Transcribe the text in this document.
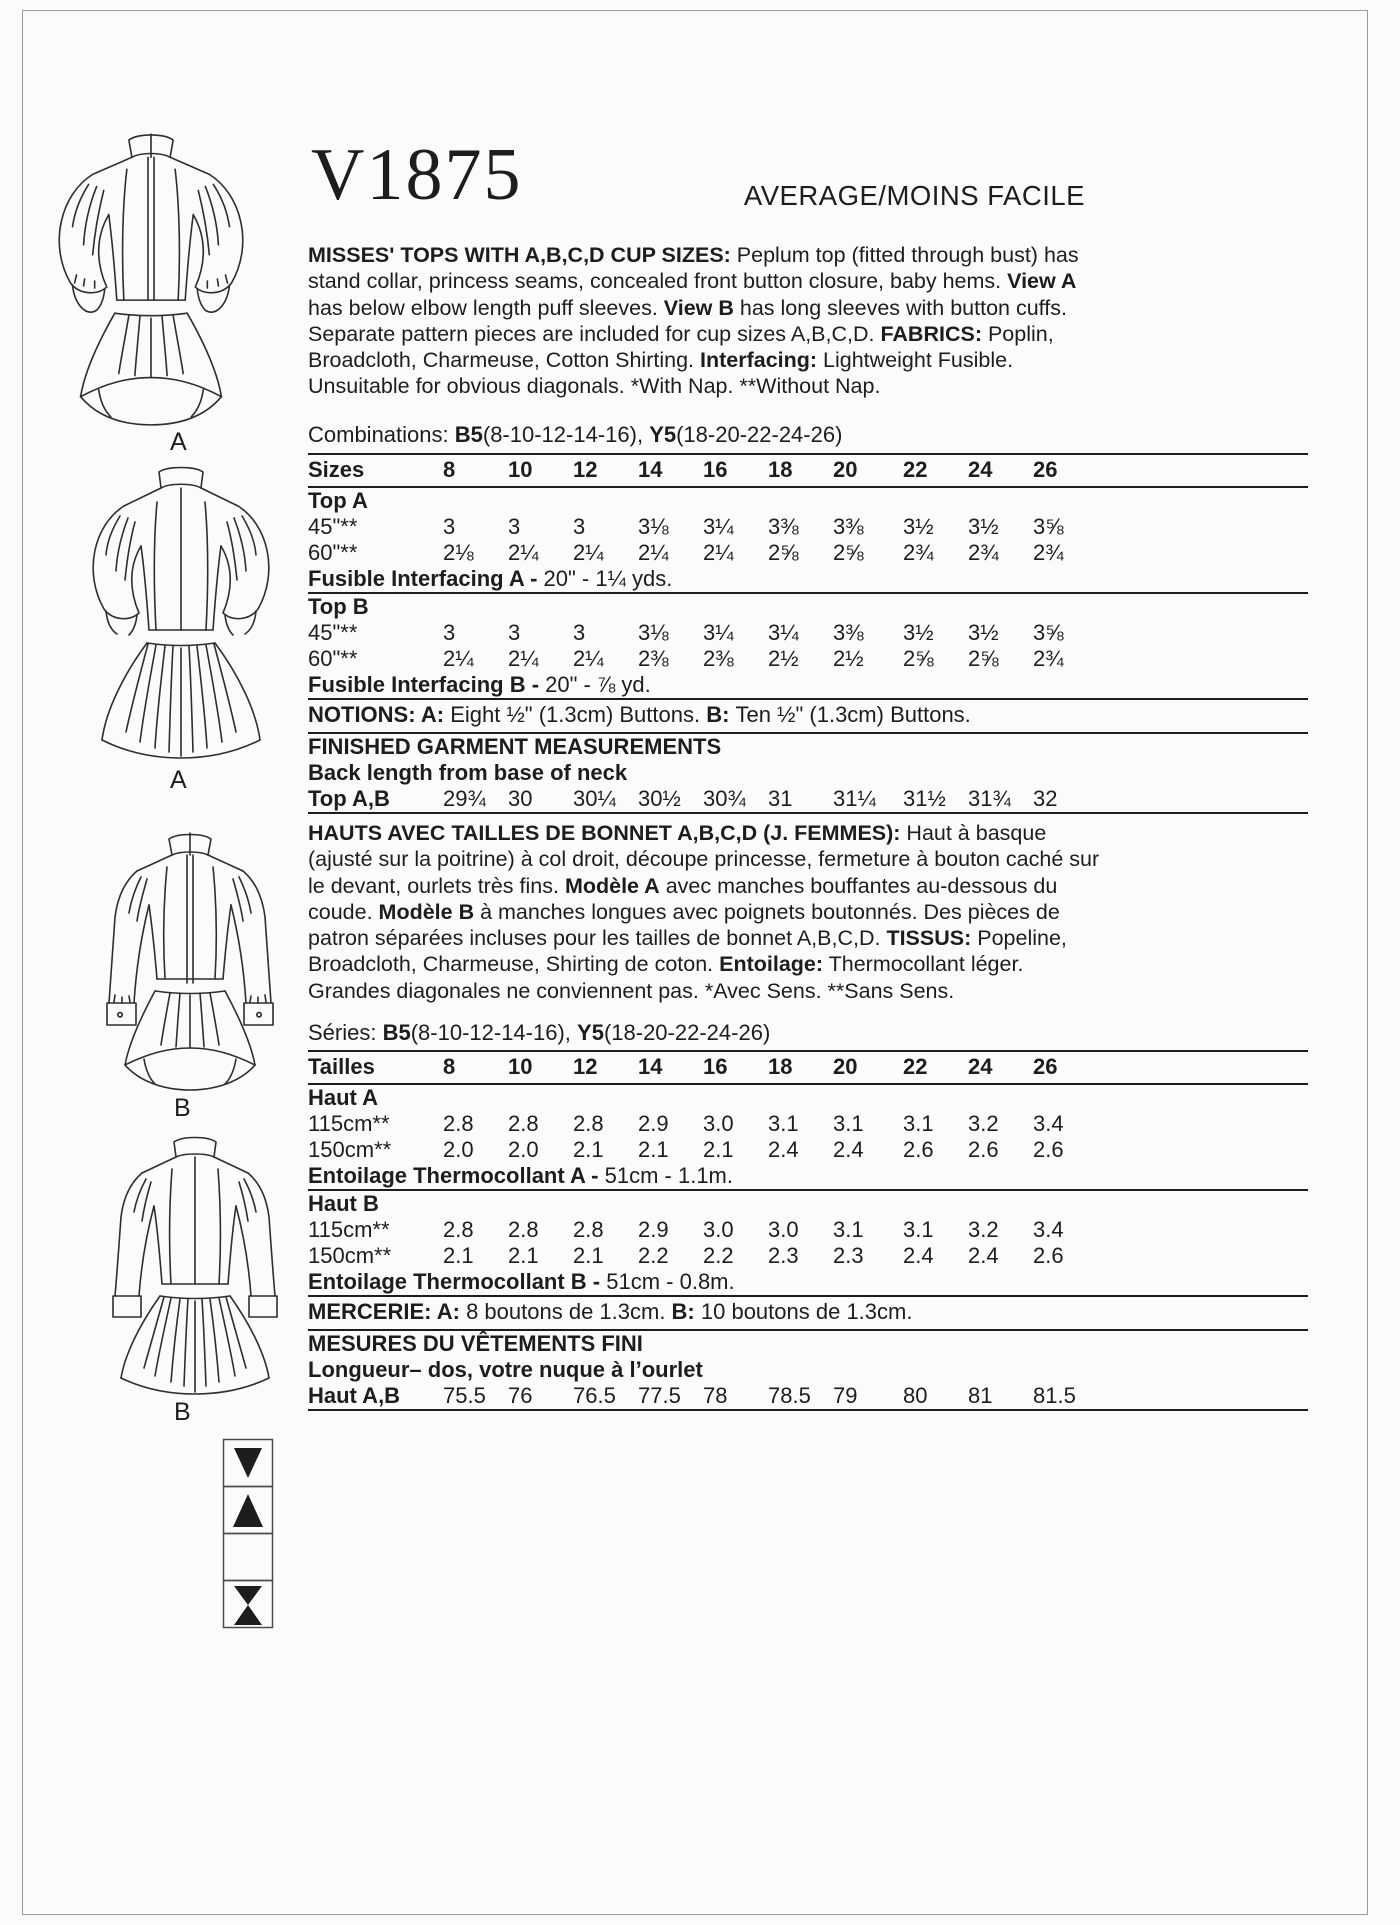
A
A
B
B
V1875	AVERAGE/MOINS FACILE
MISSES' TOPS WITH A,B,C,D CUP SIZES: Peplum top (fitted through bust) has stand collar, princess seams, concealed front button closure, baby hems. View A has below elbow length puff sleeves. View B has long sleeves with button cuffs. Separate pattern pieces are included for cup sizes A,B,C,D. FABRICS: Poplin, Broadcloth, Charmeuse, Cotton Shirting. Interfacing: Lightweight Fusible. Unsuitable for obvious diagonals. *With Nap. **Without Nap.
Combinations: B5(8-10-12-14-16), Y5(18-20-22-24-26)
Sizes	8	10	12	14	16	18	20	22	24	26
Top A
45"**	3	3	3	3⅛	3¼	3⅜	3⅜	3½	3½	3⅝
60"**	2⅛	2¼	2¼	2¼	2¼	2⅝	2⅝	2¾	2¾	2¾
Fusible Interfacing A - 20" - 1¼ yds.
Top B
45"**	3	3	3	3⅛	3¼	3¼	3⅜	3½	3½	3⅝
60"**	2¼	2¼	2¼	2⅜	2⅜	2½	2½	2⅝	2⅝	2¾
Fusible Interfacing B - 20" - ⅞ yd.
NOTIONS: A: Eight ½" (1.3cm) Buttons. B: Ten ½" (1.3cm) Buttons.
FINISHED GARMENT MEASUREMENTS
Back length from base of neck
Top A,B	29¾	30	30¼	30½	30¾	31	31¼	31½	31¾	32
HAUTS AVEC TAILLES DE BONNET A,B,C,D (J. FEMMES): Haut à basque (ajusté sur la poitrine) à col droit, découpe princesse, fermeture à bouton caché sur le devant, ourlets très fins. Modèle A avec manches bouffantes au-dessous du coude. Modèle B à manches longues avec poignets boutonnés. Des pièces de patron séparées incluses pour les tailles de bonnet A,B,C,D. TISSUS: Popeline, Broadcloth, Charmeuse, Shirting de coton. Entoilage: Thermocollant léger. Grandes diagonales ne conviennent pas. *Avec Sens. **Sans Sens.
Séries: B5(8-10-12-14-16), Y5(18-20-22-24-26)
Tailles	8	10	12	14	16	18	20	22	24	26
Haut A
115cm**	2.8	2.8	2.8	2.9	3.0	3.1	3.1	3.1	3.2	3.4
150cm**	2.0	2.0	2.1	2.1	2.1	2.4	2.4	2.6	2.6	2.6
Entoilage Thermocollant A - 51cm - 1.1m.
Haut B
115cm**	2.8	2.8	2.8	2.9	3.0	3.0	3.1	3.1	3.2	3.4
150cm**	2.1	2.1	2.1	2.2	2.2	2.3	2.3	2.4	2.4	2.6
Entoilage Thermocollant B - 51cm - 0.8m.
MERCERIE: A: 8 boutons de 1.3cm. B: 10 boutons de 1.3cm.
MESURES DU VÊTEMENTS FINI
Longueur– dos, votre nuque à l’ourlet
Haut A,B	75.5	76	76.5	77.5	78	78.5	79	80	81	81.5
